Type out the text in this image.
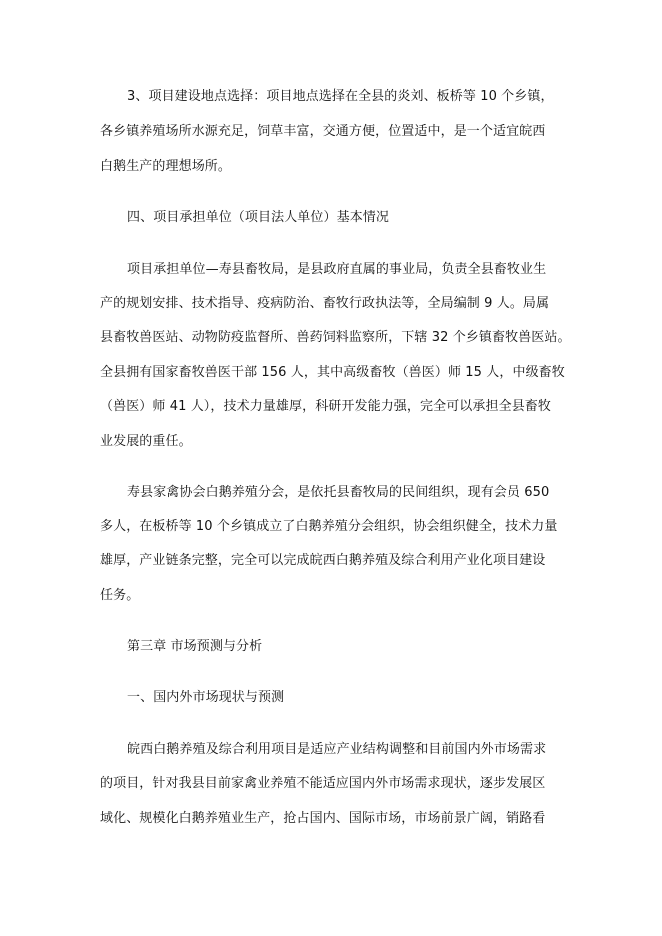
3、项目建设地点选择：项目地点选择在全县的炎刘、板桥等 10 个乡镇，
各乡镇养殖场所水源充足，饲草丰富，交通方便，位置适中，是一个适宜皖西
白鹅生产的理想场所。
四、项目承担单位（项目法人单位）基本情况
项目承担单位—寿县畜牧局，是县政府直属的事业局，负责全县畜牧业生
产的规划安排、技术指导、疫病防治、畜牧行政执法等，全局编制 9 人。局属
县畜牧兽医站、动物防疫监督所、兽药饲料监察所，下辖 32 个乡镇畜牧兽医站。
全县拥有国家畜牧兽医干部 156 人，其中高级畜牧（兽医）师 15 人，中级畜牧
（兽医）师 41 人），技术力量雄厚，科研开发能力强，完全可以承担全县畜牧
业发展的重任。
寿县家禽协会白鹅养殖分会，是依托县畜牧局的民间组织，现有会员 650
多人，在板桥等 10 个乡镇成立了白鹅养殖分会组织，协会组织健全，技术力量
雄厚，产业链条完整，完全可以完成皖西白鹅养殖及综合利用产业化项目建设
任务。
第三章 市场预测与分析
一、国内外市场现状与预测
皖西白鹅养殖及综合利用项目是适应产业结构调整和目前国内外市场需求
的项目，针对我县目前家禽业养殖不能适应国内外市场需求现状，逐步发展区
域化、规模化白鹅养殖业生产，抢占国内、国际市场，市场前景广阔，销路看
